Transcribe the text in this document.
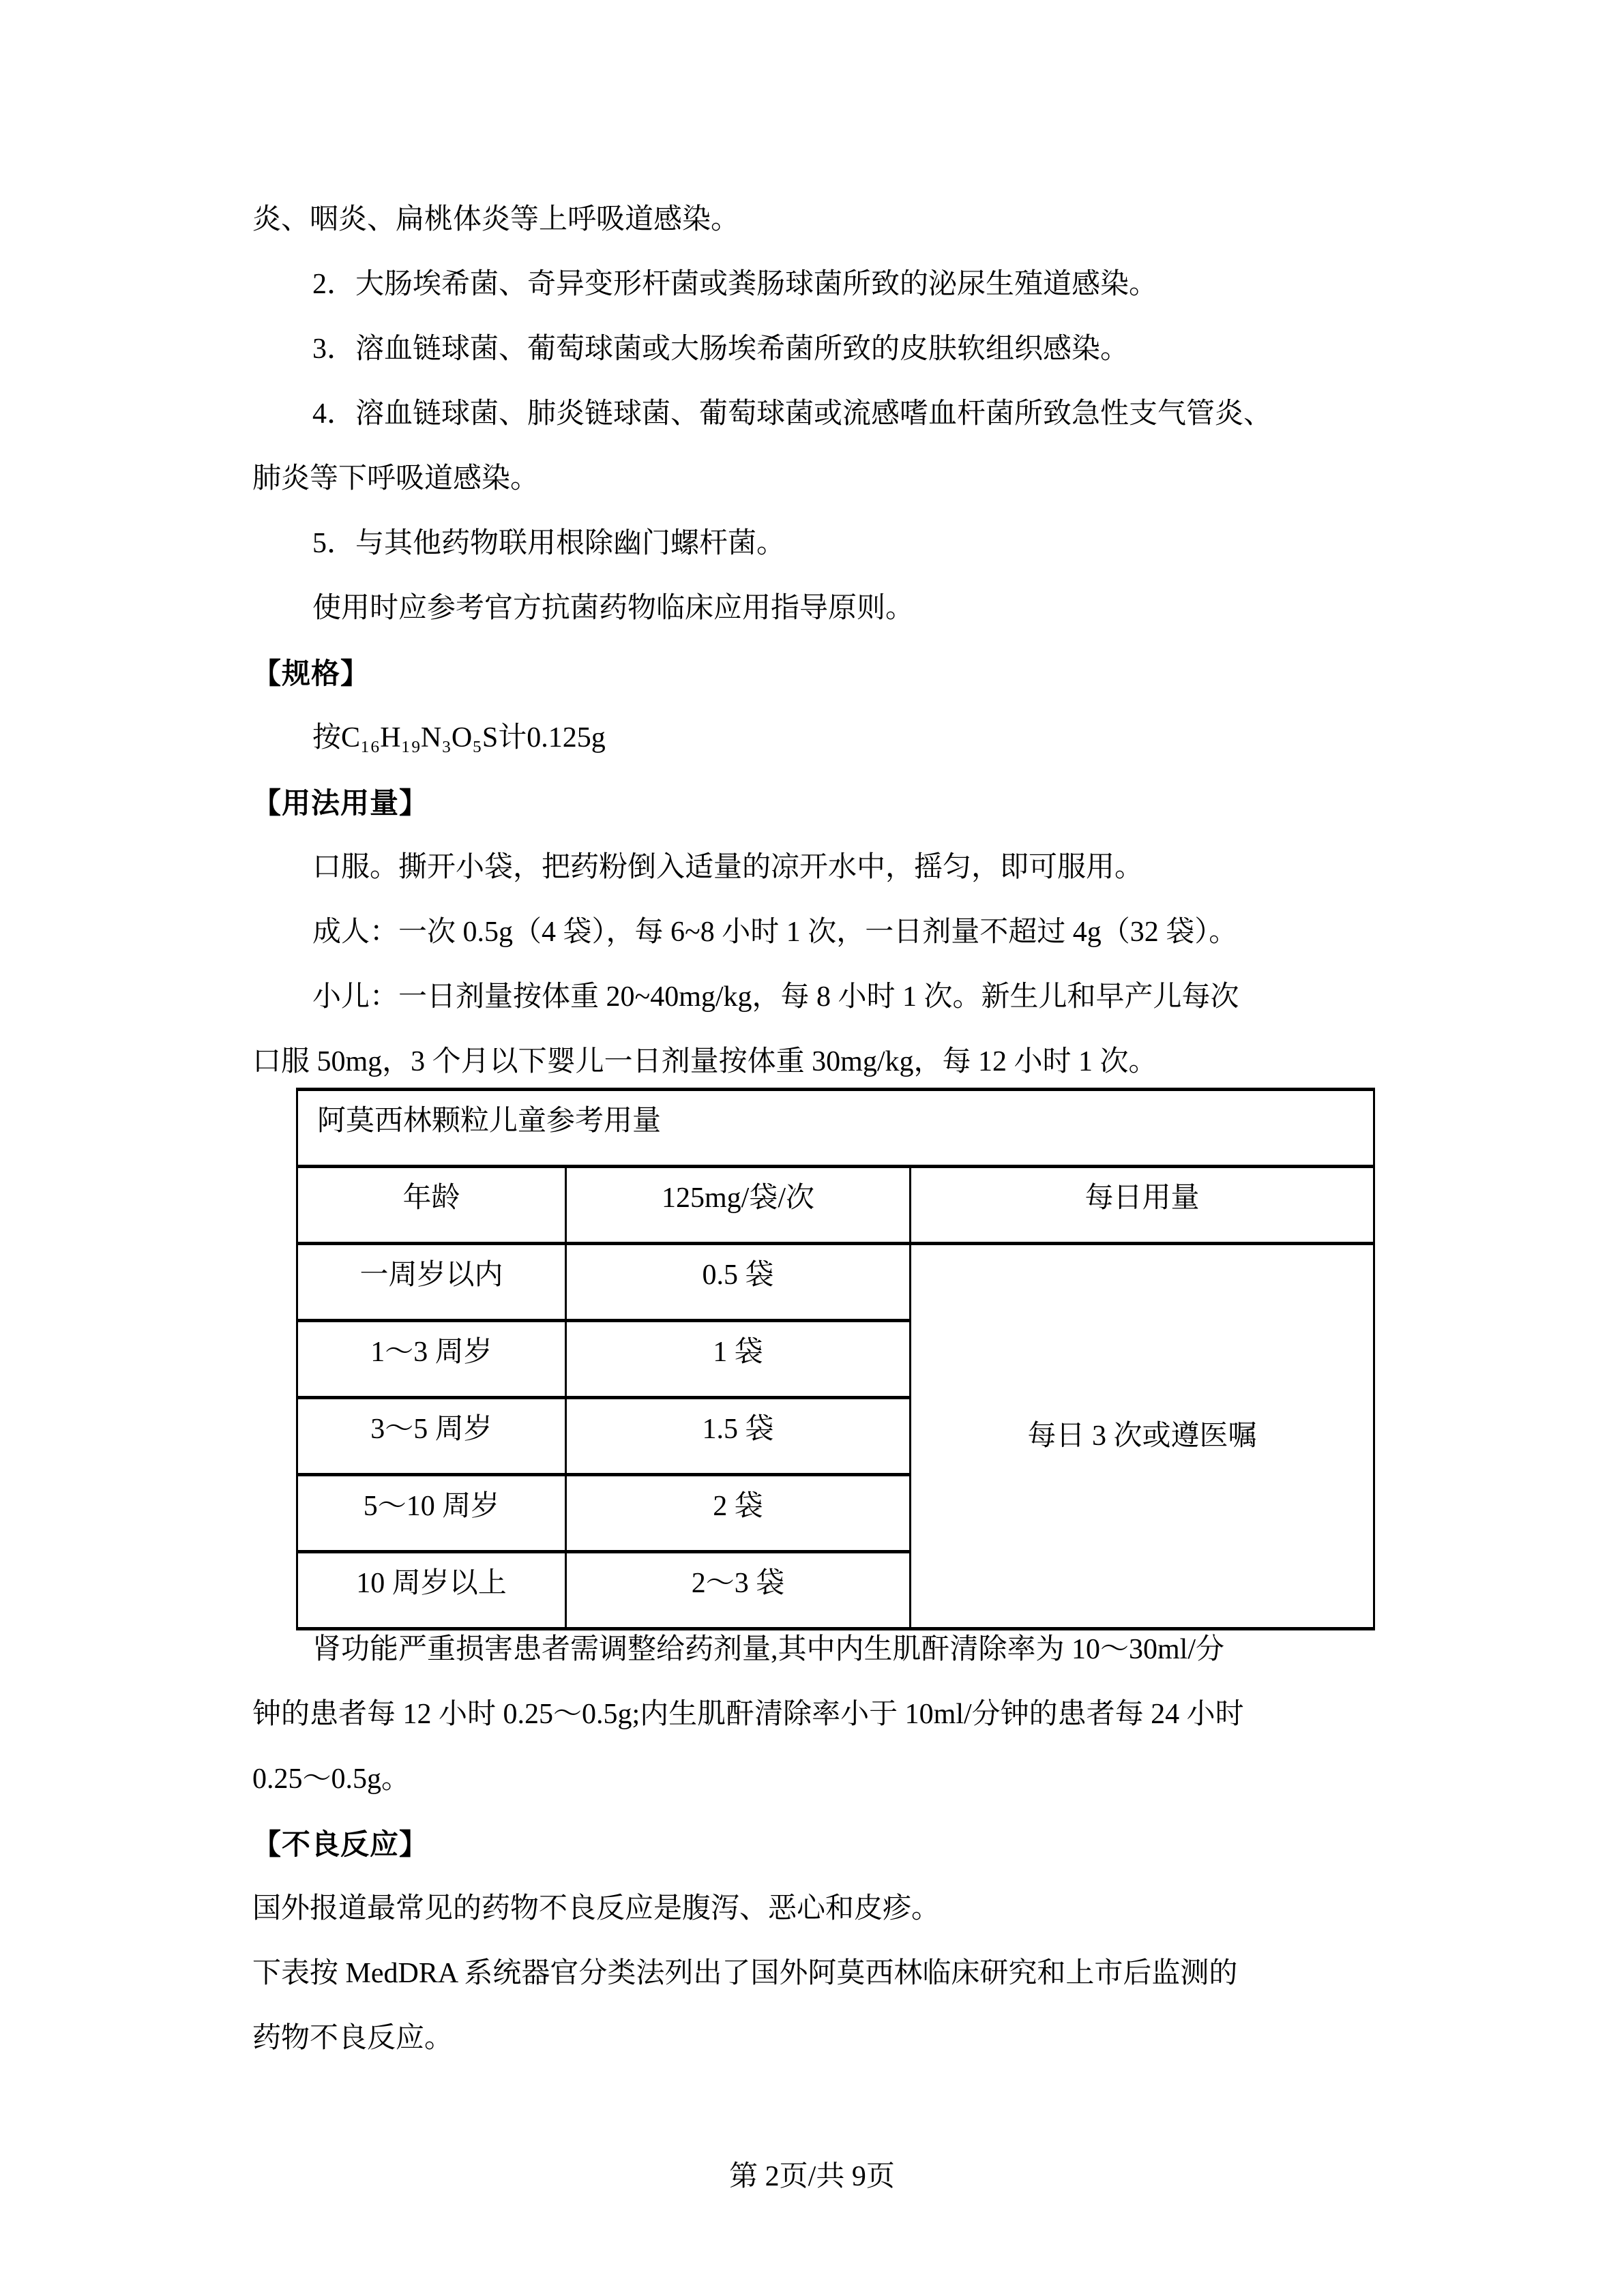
炎、咽炎、扁桃体炎等上呼吸道感染。
2．大肠埃希菌、奇异变形杆菌或粪肠球菌所致的泌尿生殖道感染。
3．溶血链球菌、葡萄球菌或大肠埃希菌所致的皮肤软组织感染。
4．溶血链球菌、肺炎链球菌、葡萄球菌或流感嗜血杆菌所致急性支气管炎、
肺炎等下呼吸道感染。
5．与其他药物联用根除幽门螺杆菌。
使用时应参考官方抗菌药物临床应用指导原则。
【规格】
按C₁₆H₁₉N₃O₅S计0.125g
【用法用量】
口服。撕开小袋，把药粉倒入适量的凉开水中，摇匀，即可服用。
成人：一次 0.5g（4 袋），每 6~8 小时 1 次，一日剂量不超过 4g（32 袋）。
小儿：一日剂量按体重 20~40mg/kg，每 8 小时 1 次。新生儿和早产儿每次
口服 50mg，3 个月以下婴儿一日剂量按体重 30mg/kg，每 12 小时 1 次。
阿莫西林颗粒儿童参考用量		
年龄	125mg/袋/次	每日用量
一周岁以内	0.5 袋	每日 3 次或遵医嘱
1～3 周岁	1 袋	
3～5 周岁	1.5 袋	
5～10 周岁	2 袋	
10 周岁以上	2～3 袋	
肾功能严重损害患者需调整给药剂量,其中内生肌酐清除率为 10～30ml/分
钟的患者每 12 小时 0.25～0.5g;内生肌酐清除率小于 10ml/分钟的患者每 24 小时
0.25～0.5g。
【不良反应】
国外报道最常见的药物不良反应是腹泻、恶心和皮疹。
下表按 MedDRA 系统器官分类法列出了国外阿莫西林临床研究和上市后监测的
药物不良反应。
第 2页/共 9页
